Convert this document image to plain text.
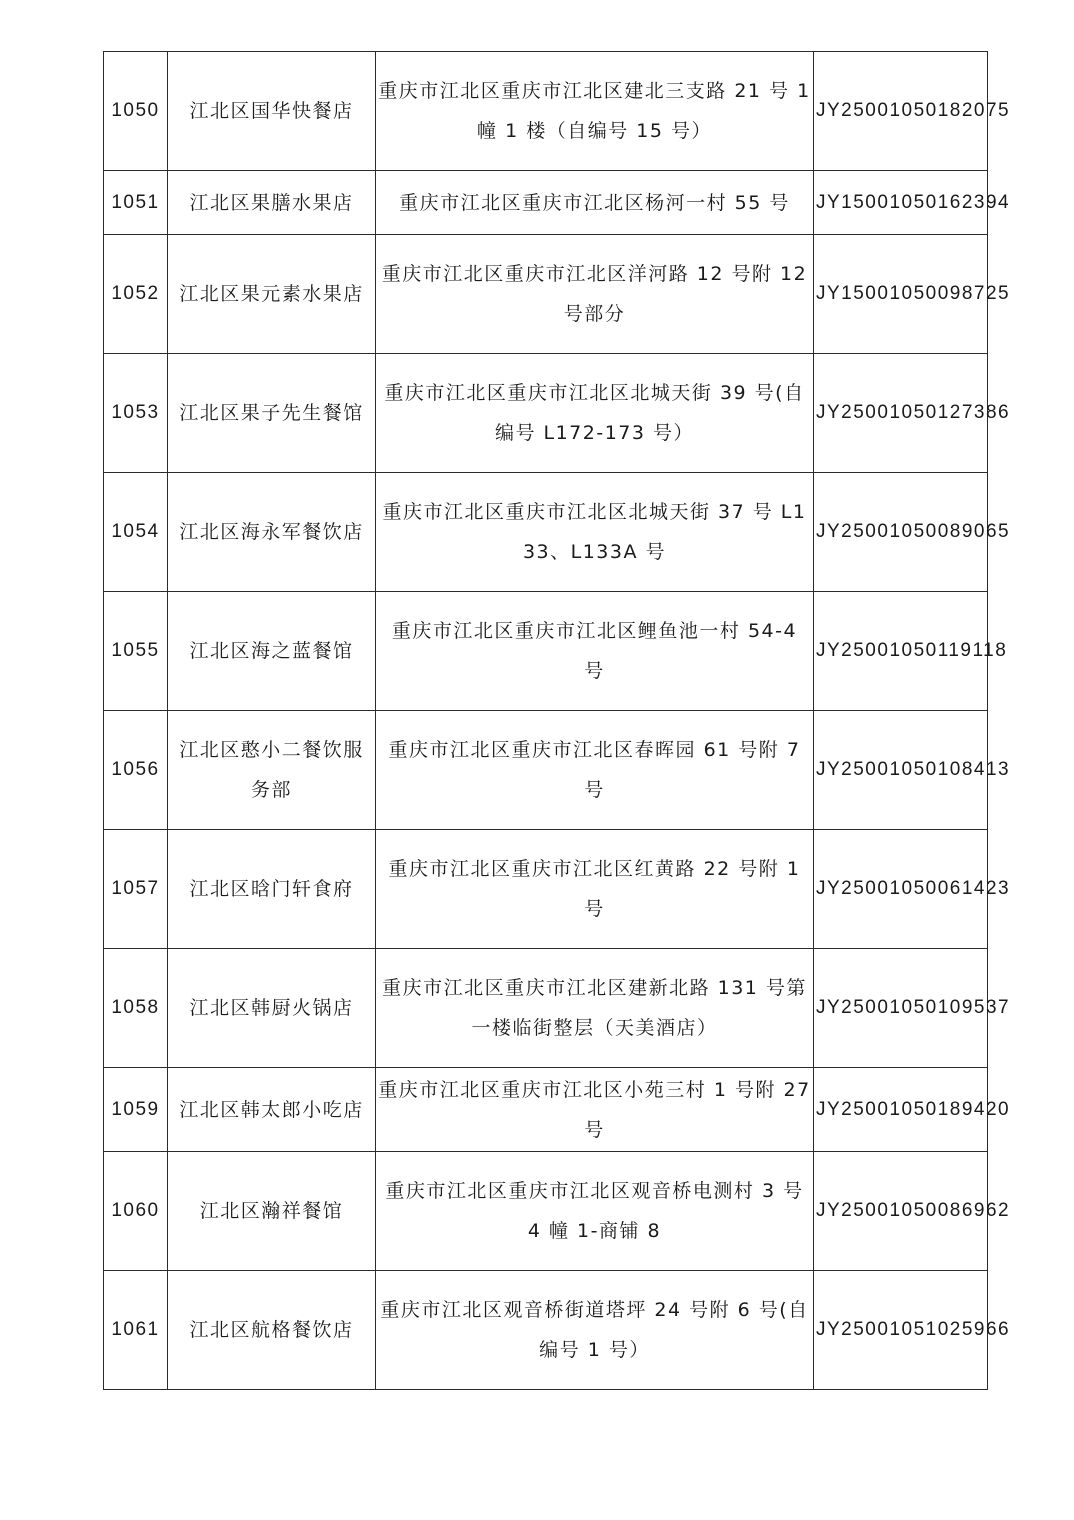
1050	江北区国华快餐店	重庆市江北区重庆市江北区建北三支路 21 号 1 幢 1 楼（自编号 15 号）	JY25001050182075
1051	江北区果膳水果店	重庆市江北区重庆市江北区杨河一村 55 号	JY15001050162394
1052	江北区果元素水果店	重庆市江北区重庆市江北区洋河路 12 号附 12 号部分	JY15001050098725
1053	江北区果子先生餐馆	重庆市江北区重庆市江北区北城天街 39 号(自编号 L172-173 号）	JY25001050127386
1054	江北区海永军餐饮店	重庆市江北区重庆市江北区北城天街 37 号 L133、L133A 号	JY25001050089065
1055	江北区海之蓝餐馆	重庆市江北区重庆市江北区鲤鱼池一村 54-4 号	JY25001050119118
1056	江北区憨小二餐饮服务部	重庆市江北区重庆市江北区春晖园 61 号附 7 号	JY25001050108413
1057	江北区晗门轩食府	重庆市江北区重庆市江北区红黄路 22 号附 1 号	JY25001050061423
1058	江北区韩厨火锅店	重庆市江北区重庆市江北区建新北路 131 号第一楼临街整层（天美酒店）	JY25001050109537
1059	江北区韩太郎小吃店	重庆市江北区重庆市江北区小苑三村 1 号附 27 号	JY25001050189420
1060	江北区瀚祥餐馆	重庆市江北区重庆市江北区观音桥电测村 3 号 4 幢 1-商铺 8	JY25001050086962
1061	江北区航格餐饮店	重庆市江北区观音桥街道塔坪 24 号附 6 号(自编号 1 号）	JY25001051025966
